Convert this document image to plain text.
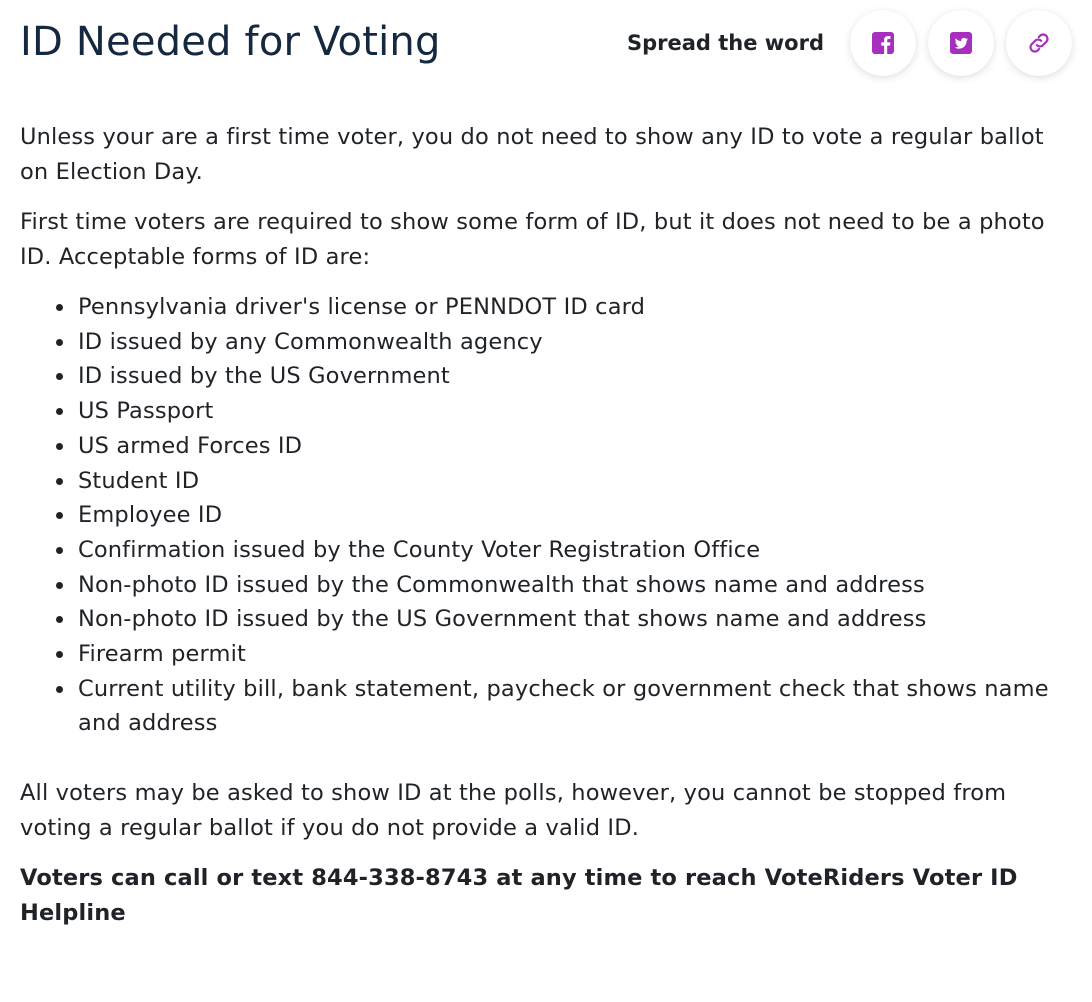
ID Needed for Voting	Spread the word

Unless your are a first time voter, you do not need to show any ID to vote a regular ballot on Election Day.

First time voters are required to show some form of ID, but it does not need to be a photo ID. Acceptable forms of ID are:

Pennsylvania driver's license or PENNDOT ID card
ID issued by any Commonwealth agency
ID issued by the US Government
US Passport
US armed Forces ID
Student ID
Employee ID
Confirmation issued by the County Voter Registration Office
Non-photo ID issued by the Commonwealth that shows name and address
Non-photo ID issued by the US Government that shows name and address
Firearm permit
Current utility bill, bank statement, paycheck or government check that shows name and address

All voters may be asked to show ID at the polls, however, you cannot be stopped from voting a regular ballot if you do not provide a valid ID.

Voters can call or text 844-338-8743 at any time to reach VoteRiders Voter ID Helpline
